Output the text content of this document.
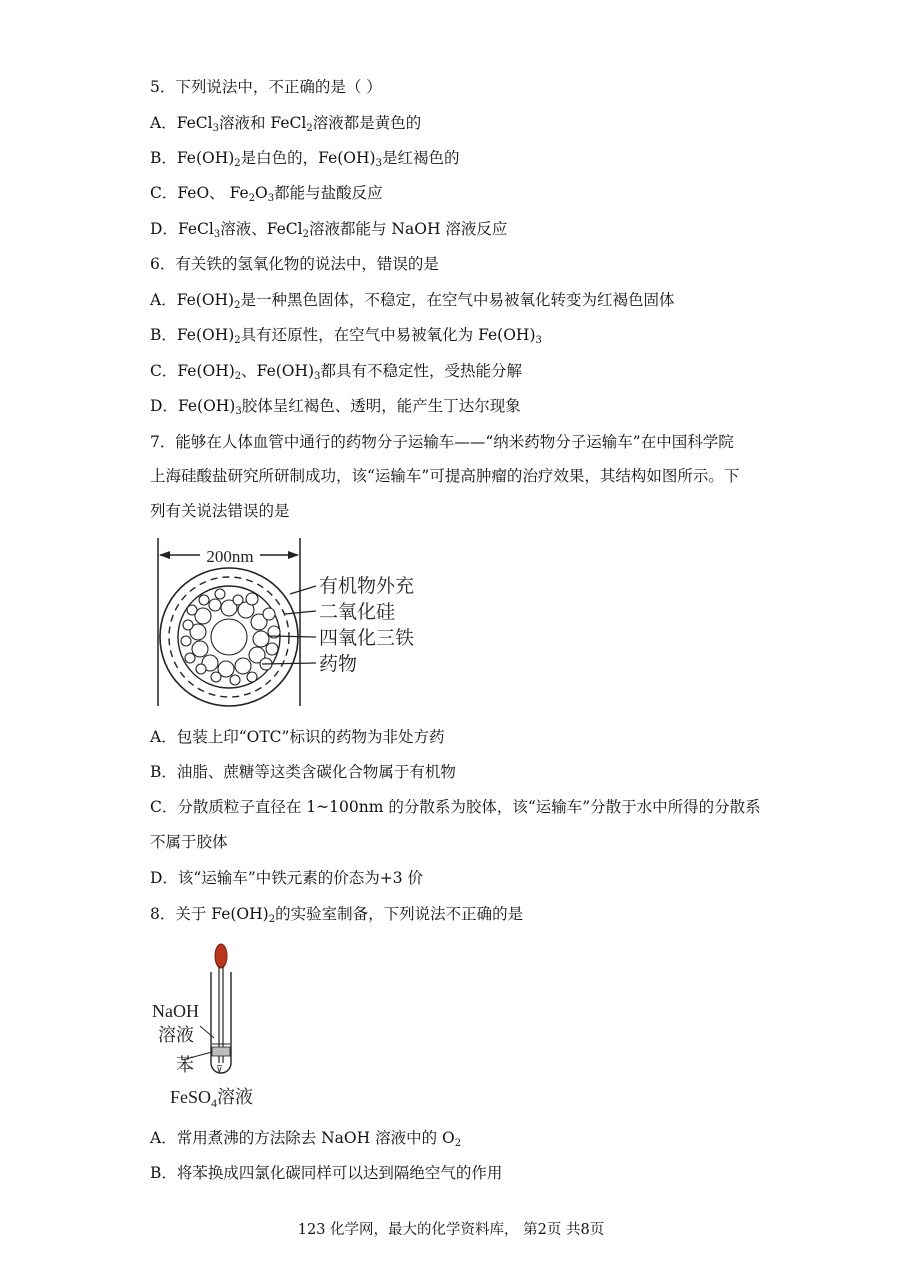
5．下列说法中，不正确的是（ ）
A．FeCl$_3$溶液和 FeCl$_2$溶液都是黄色的
B．$Fe(OH)_2$是白色的，$Fe(OH)_3$是红褐色的
C．FeO、 $Fe_2O_3$都能与盐酸反应
D．FeCl$_3$溶液、FeCl$_2$溶液都能与 NaOH 溶液反应
6．有关铁的氢氧化物的说法中，错误的是
A．$Fe(OH)_2$是一种黑色固体，不稳定，在空气中易被氧化转变为红褐色固体
B．$Fe(OH)_2$具有还原性，在空气中易被氧化为 $Fe(OH)_3$
C．$Fe(OH)_2$、$Fe(OH)_3$都具有不稳定性，受热能分解
D．$Fe(OH)_3$胶体呈红褐色、透明，能产生丁达尔现象
7．能够在人体血管中通行的药物分子运输车——“纳米药物分子运输车”在中国科学院
上海硅酸盐研究所研制成功，该“运输车”可提高肿瘤的治疗效果，其结构如图所示。下
列有关说法错误的是
200nm
有机物外充
二氧化硅
四氧化三铁
药物
A．包装上印“OTC”标识的药物为非处方药
B．油脂、蔗糖等这类含碳化合物属于有机物
C．分散质粒子直径在 1~100nm 的分散系为胶体，该“运输车”分散于水中所得的分散系
不属于胶体
D．该“运输车”中铁元素的价态为+3 价
8．关于 $Fe(OH)_2$的实验室制备，下列说法不正确的是
⊽
NaOH
溶液
苯
FeSO$_4$溶液
A．常用煮沸的方法除去 NaOH 溶液中的 $O_2$
B．将苯换成四氯化碳同样可以达到隔绝空气的作用
123 化学网，最大的化学资料库， 第2页 共8页
